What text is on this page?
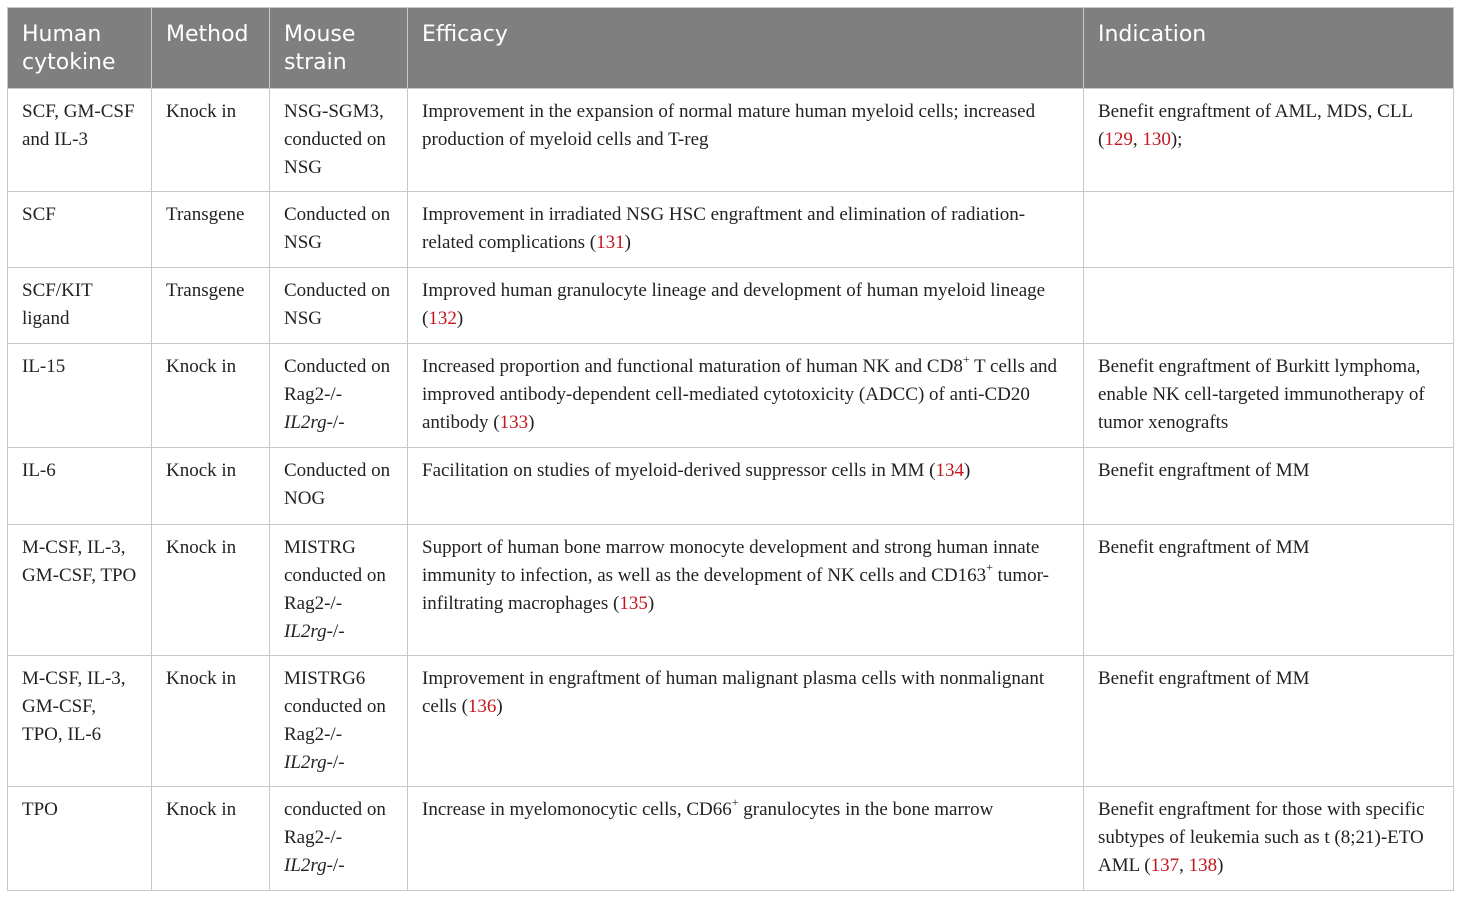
Human cytokine	Method	Mouse strain	Efficacy	Indication
SCF, GM-CSF and IL-3	Knock in	NSG-SGM3, conducted on NSG	Improvement in the expansion of normal mature human myeloid cells; increased production of myeloid cells and T-reg	Benefit engraftment of AML, MDS, CLL (129, 130);
SCF	Transgene	Conducted on NSG	Improvement in irradiated NSG HSC engraftment and elimination of radiation-related complications (131)	
SCF/KIT ligand	Transgene	Conducted on NSG	Improved human granulocyte lineage and development of human myeloid lineage (132)	
IL-15	Knock in	Conducted on Rag2-/- IL2rg-/-	Increased proportion and functional maturation of human NK and CD8+ T cells and improved antibody-dependent cell-mediated cytotoxicity (ADCC) of anti-CD20 antibody (133)	Benefit engraftment of Burkitt lymphoma, enable NK cell-targeted immunotherapy of tumor xenografts
IL-6	Knock in	Conducted on NOG	Facilitation on studies of myeloid-derived suppressor cells in MM (134)	Benefit engraftment of MM
M-CSF, IL-3, GM-CSF, TPO	Knock in	MISTRG conducted on Rag2-/- IL2rg-/-	Support of human bone marrow monocyte development and strong human innate immunity to infection, as well as the development of NK cells and CD163+ tumor-infiltrating macrophages (135)	Benefit engraftment of MM
M-CSF, IL-3, GM-CSF, TPO, IL-6	Knock in	MISTRG6 conducted on Rag2-/- IL2rg-/-	Improvement in engraftment of human malignant plasma cells with nonmalignant cells (136)	Benefit engraftment of MM
TPO	Knock in	conducted on Rag2-/- IL2rg-/-	Increase in myelomonocytic cells, CD66+ granulocytes in the bone marrow	Benefit engraftment for those with specific subtypes of leukemia such as t (8;21)-ETO AML (137, 138)
